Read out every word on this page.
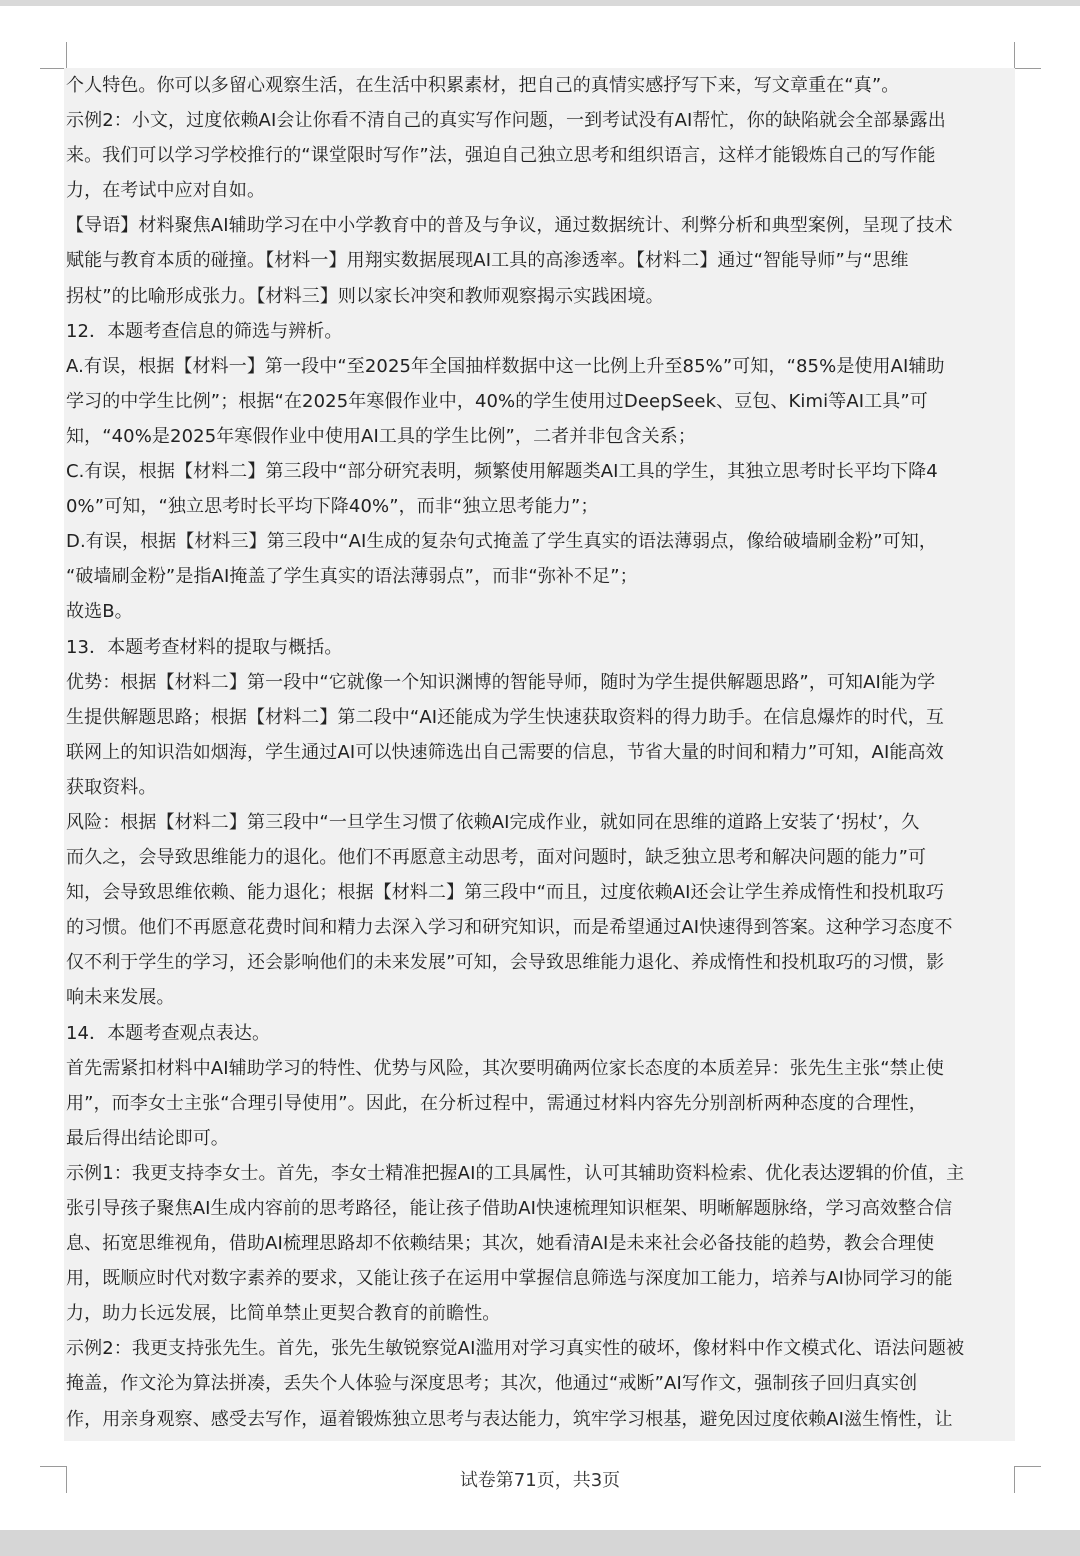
个人特色。你可以多留心观察生活，在生活中积累素材，把自己的真情实感抒写下来，写文章重在“真”。
示例2：小文，过度依赖AI会让你看不清自己的真实写作问题，一到考试没有AI帮忙，你的缺陷就会全部暴露出
来。我们可以学习学校推行的“课堂限时写作”法，强迫自己独立思考和组织语言，这样才能锻炼自己的写作能
力，在考试中应对自如。
【导语】材料聚焦AI辅助学习在中小学教育中的普及与争议，通过数据统计、利弊分析和典型案例，呈现了技术
赋能与教育本质的碰撞。【材料一】用翔实数据展现AI工具的高渗透率。【材料二】通过“智能导师”与“思维
拐杖”的比喻形成张力。【材料三】则以家长冲突和教师观察揭示实践困境。
12．本题考查信息的筛选与辨析。
A.有误，根据【材料一】第一段中“至2025年全国抽样数据中这一比例上升至85%”可知，“85%是使用AI辅助
学习的中学生比例”；根据“在2025年寒假作业中，40%的学生使用过DeepSeek、豆包、Kimi等AI工具”可
知，“40%是2025年寒假作业中使用AI工具的学生比例”，二者并非包含关系；
C.有误，根据【材料二】第三段中“部分研究表明，频繁使用解题类AI工具的学生，其独立思考时长平均下降4
0%”可知，“独立思考时长平均下降40%”，而非“独立思考能力”；
D.有误，根据【材料三】第三段中“AI生成的复杂句式掩盖了学生真实的语法薄弱点，像给破墙刷金粉”可知，
“破墙刷金粉”是指AI掩盖了学生真实的语法薄弱点”，而非“弥补不足”；
故选B。
13．本题考查材料的提取与概括。
优势：根据【材料二】第一段中“它就像一个知识渊博的智能导师，随时为学生提供解题思路”，可知AI能为学
生提供解题思路；根据【材料二】第二段中“AI还能成为学生快速获取资料的得力助手。在信息爆炸的时代，互
联网上的知识浩如烟海，学生通过AI可以快速筛选出自己需要的信息，节省大量的时间和精力”可知，AI能高效
获取资料。
风险：根据【材料二】第三段中“一旦学生习惯了依赖AI完成作业，就如同在思维的道路上安装了‘拐杖’，久
而久之，会导致思维能力的退化。他们不再愿意主动思考，面对问题时，缺乏独立思考和解决问题的能力”可
知，会导致思维依赖、能力退化；根据【材料二】第三段中“而且，过度依赖AI还会让学生养成惰性和投机取巧
的习惯。他们不再愿意花费时间和精力去深入学习和研究知识，而是希望通过AI快速得到答案。这种学习态度不
仅不利于学生的学习，还会影响他们的未来发展”可知，会导致思维能力退化、养成惰性和投机取巧的习惯，影
响未来发展。
14．本题考查观点表达。
首先需紧扣材料中AI辅助学习的特性、优势与风险，其次要明确两位家长态度的本质差异：张先生主张“禁止使
用”，而李女士主张“合理引导使用”。因此，在分析过程中，需通过材料内容先分别剖析两种态度的合理性，
最后得出结论即可。
示例1：我更支持李女士。首先，李女士精准把握AI的工具属性，认可其辅助资料检索、优化表达逻辑的价值，主
张引导孩子聚焦AI生成内容前的思考路径，能让孩子借助AI快速梳理知识框架、明晰解题脉络，学习高效整合信
息、拓宽思维视角，借助AI梳理思路却不依赖结果；其次，她看清AI是未来社会必备技能的趋势，教会合理使
用，既顺应时代对数字素养的要求，又能让孩子在运用中掌握信息筛选与深度加工能力，培养与AI协同学习的能
力，助力长远发展，比简单禁止更契合教育的前瞻性。
示例2：我更支持张先生。首先，张先生敏锐察觉AI滥用对学习真实性的破坏，像材料中作文模式化、语法问题被
掩盖，作文沦为算法拼凑，丢失个人体验与深度思考；其次，他通过“戒断”AI写作文，强制孩子回归真实创
作，用亲身观察、感受去写作，逼着锻炼独立思考与表达能力，筑牢学习根基，避免因过度依赖AI滋生惰性，让
试卷第71页，共3页
